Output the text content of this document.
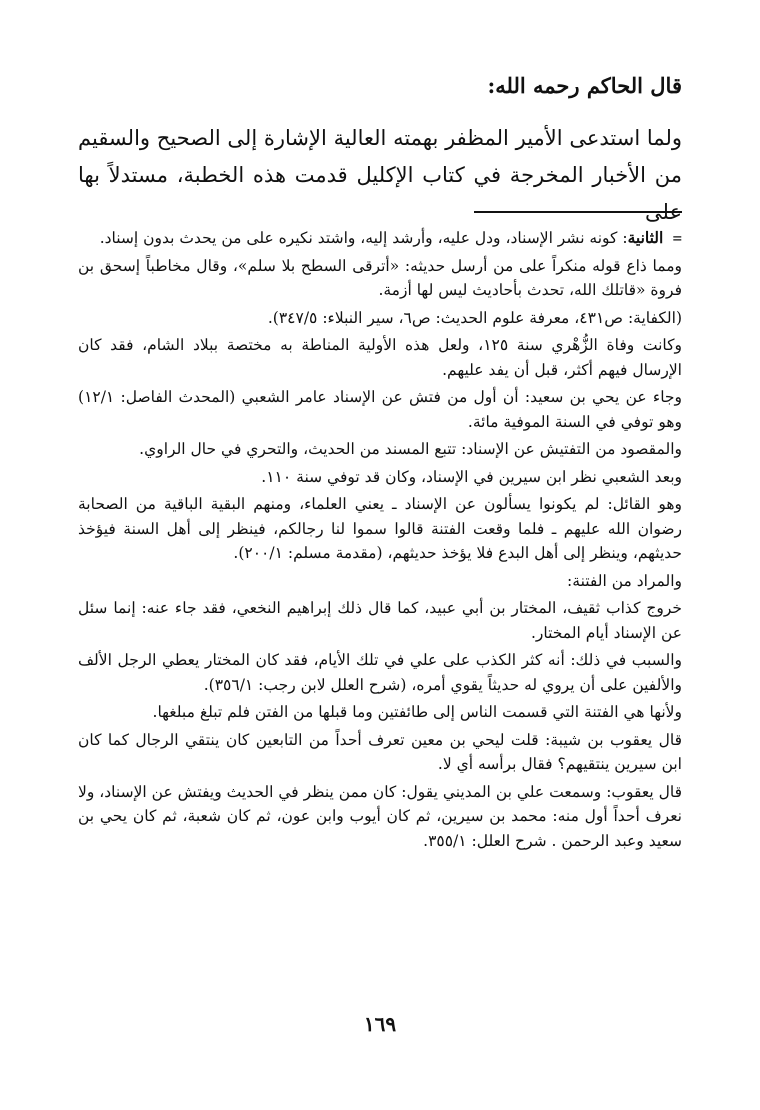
قال الحاكم رحمه الله:

ولما استدعى الأمير المظفر بهمته العالية الإشارة إلى الصحيح والسقيم من الأخبار المخرجة في كتاب الإكليل قدمت هذه الخطبة، مستدلاً بها على

= الثانية: كونه نشر الإسناد، ودل عليه، وأرشد إليه، واشتد نكيره على من يحدث بدون إسناد.

ومما ذاع قوله منكراً على من أرسل حديثه: «أترقى السطح بلا سلم»، وقال مخاطباً إسحق بن فروة «قاتلك الله، تحدث بأحاديث ليس لها أزمة.

(الكفاية: ص٤٣١، معرفة علوم الحديث: ص٦، سير النبلاء: ٣٤٧/٥).

وكانت وفاة الزُّهْري سنة ١٢٥، ولعل هذه الأولية المناطة به مختصة ببلاد الشام، فقد كان الإرسال فيهم أكثر، قبل أن يفد عليهم.

وجاء عن يحي بن سعيد: أن أول من فتش عن الإسناد عامر الشعبي (المحدث الفاصل: ١٢/١) وهو توفي في السنة الموفية مائة.

والمقصود من التفتيش عن الإسناد: تتبع المسند من الحديث، والتحري في حال الراوي.

وبعد الشعبي نظر ابن سيرين في الإسناد، وكان قد توفي سنة ١١٠.

وهو القائل: لم يكونوا يسألون عن الإسناد ـ يعني العلماء، ومنهم البقية الباقية من الصحابة رضوان الله عليهم ـ فلما وقعت الفتنة قالوا سموا لنا رجالكم، فينظر إلى أهل السنة فيؤخذ حديثهم، وينظر إلى أهل البدع فلا يؤخذ حديثهم، (مقدمة مسلم: ٢٠٠/١).

والمراد من الفتنة:

خروج كذاب ثقيف، المختار بن أبي عبيد، كما قال ذلك إبراهيم النخعي، فقد جاء عنه: إنما سئل عن الإسناد أيام المختار.

والسبب في ذلك: أنه كثر الكذب على علي في تلك الأيام، فقد كان المختار يعطي الرجل الألف والألفين على أن يروي له حديثاً يقوي أمره، (شرح العلل لابن رجب: ٣٥٦/١).

ولأنها هي الفتنة التي قسمت الناس إلى طائفتين وما قبلها من الفتن فلم تبلغ مبلغها.

قال يعقوب بن شيبة: قلت ليحي بن معين تعرف أحداً من التابعين كان ينتقي الرجال كما كان ابن سيرين ينتقيهم؟ فقال برأسه أي لا.

قال يعقوب: وسمعت علي بن المديني يقول: كان ممن ينظر في الحديث ويفتش عن الإسناد، ولا نعرف أحداً أول منه: محمد بن سيرين، ثم كان أيوب وابن عون، ثم كان شعبة، ثم كان يحي بن سعيد وعبد الرحمن . شرح العلل: ٣٥٥/١.

١٦٩
